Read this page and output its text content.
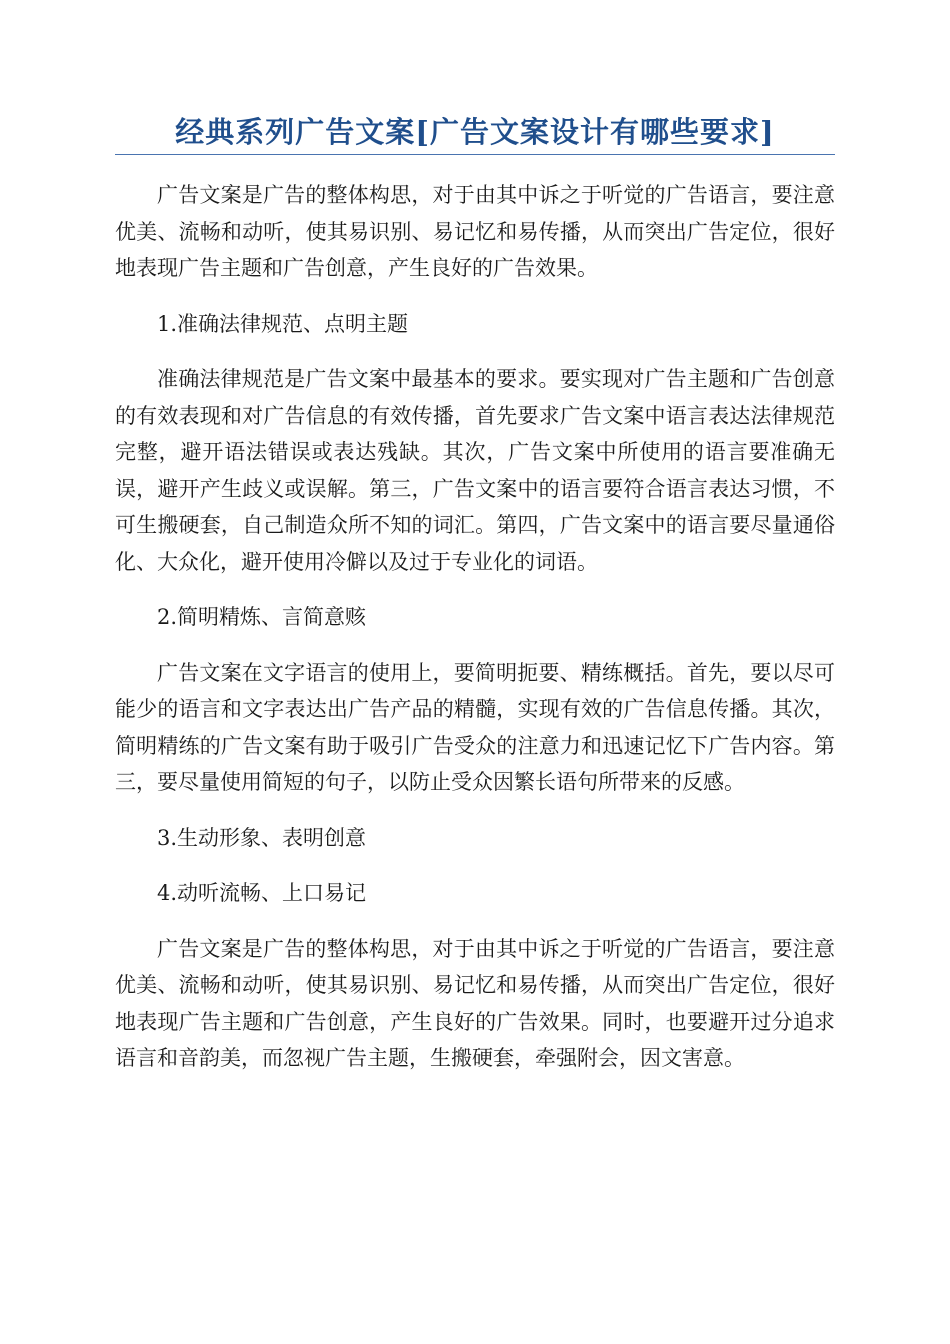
经典系列广告文案[广告文案设计有哪些要求]

广告文案是广告的整体构思，对于由其中诉之于听觉的广告语言，要注意优美、流畅和动听，使其易识别、易记忆和易传播，从而突出广告定位，很好地表现广告主题和广告创意，产生良好的广告效果。

1.准确法律规范、点明主题

准确法律规范是广告文案中最基本的要求。要实现对广告主题和广告创意的有效表现和对广告信息的有效传播，首先要求广告文案中语言表达法律规范完整，避开语法错误或表达残缺。其次，广告文案中所使用的语言要准确无误，避开产生歧义或误解。第三，广告文案中的语言要符合语言表达习惯，不可生搬硬套，自己制造众所不知的词汇。第四，广告文案中的语言要尽量通俗化、大众化，避开使用冷僻以及过于专业化的词语。

2.简明精炼、言简意赅

广告文案在文字语言的使用上，要简明扼要、精练概括。首先，要以尽可能少的语言和文字表达出广告产品的精髓，实现有效的广告信息传播。其次，简明精练的广告文案有助于吸引广告受众的注意力和迅速记忆下广告内容。第三，要尽量使用简短的句子，以防止受众因繁长语句所带来的反感。

3.生动形象、表明创意

4.动听流畅、上口易记

广告文案是广告的整体构思，对于由其中诉之于听觉的广告语言，要注意优美、流畅和动听，使其易识别、易记忆和易传播，从而突出广告定位，很好地表现广告主题和广告创意，产生良好的广告效果。同时，也要避开过分追求语言和音韵美，而忽视广告主题，生搬硬套，牵强附会，因文害意。
